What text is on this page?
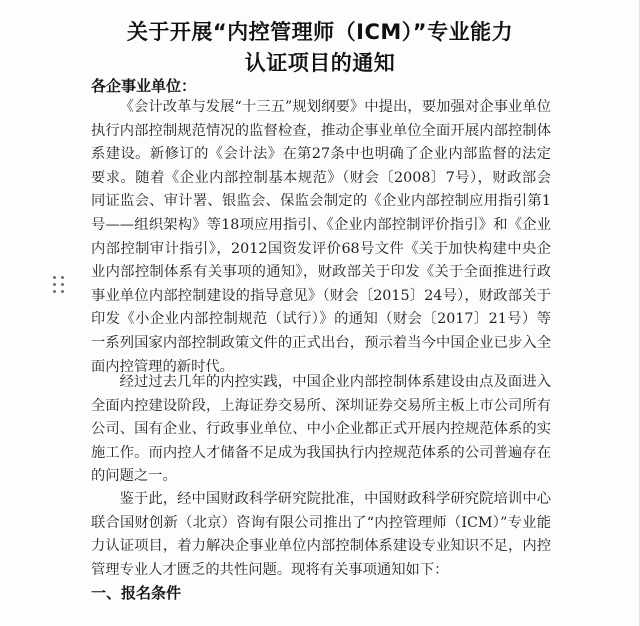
关于开展“内控管理师（ICM）”专业能力
认证项目的通知
各企事业单位：

《会计改革与发展“十三五”规划纲要》中提出，要加强对企事业单位执行内部控制规范情况的监督检查，推动企事业单位全面开展内部控制体系建设。新修订的《会计法》在第27条中也明确了企业内部监督的法定要求。随着《企业内部控制基本规范》（财会〔2008〕7号），财政部会同证监会、审计署、银监会、保监会制定的《企业内部控制应用指引第1号——组织架构》等18项应用指引、《企业内部控制评价指引》和《企业内部控制审计指引》，2012国资发评价68号文件《关于加快构建中央企业内部控制体系有关事项的通知》，财政部关于印发《关于全面推进行政事业单位内部控制建设的指导意见》（财会〔2015〕24号），财政部关于印发《小企业内部控制规范（试行）》的通知（财会〔2017〕21号）等一系列国家内部控制政策文件的正式出台，预示着当今中国企业已步入全面内控管理的新时代。

经过过去几年的内控实践，中国企业内部控制体系建设由点及面进入全面内控建设阶段，上海证券交易所、深圳证券交易所主板上市公司所有公司、国有企业、行政事业单位、中小企业都正式开展内控规范体系的实施工作。而内控人才储备不足成为我国执行内控规范体系的公司普遍存在的问题之一。

鉴于此，经中国财政科学研究院批准，中国财政科学研究院培训中心联合国财创新（北京）咨询有限公司推出了“内控管理师（ICM）”专业能力认证项目，着力解决企事业单位内部控制体系建设专业知识不足，内控管理专业人才匮乏的共性问题。现将有关事项通知如下：

一、报名条件
